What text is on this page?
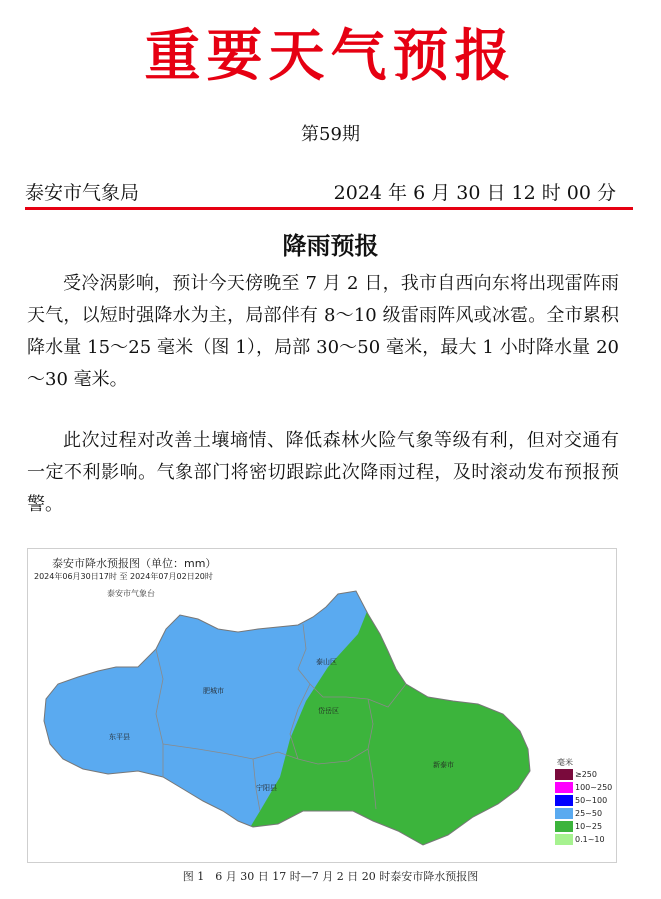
重要天气预报
第59期
泰安市气象局	2024 年 6 月 30 日 12 时 00 分
降雨预报

受冷涡影响，预计今天傍晚至 7 月 2 日，我市自西向东将出现雷阵雨天气，以短时强降水为主，局部伴有 8～10 级雷雨阵风或冰雹。全市累积降水量 15～25 毫米（图 1），局部 30～50 毫米，最大 1 小时降水量 20～30 毫米。

此次过程对改善土壤墒情、降低森林火险气象等级有利，但对交通有一定不利影响。气象部门将密切跟踪此次降雨过程，及时滚动发布预报预警。

泰安市降水预报图（单位：mm）
2024年06月30日17时 至 2024年07月02日20时
泰安市气象台
东平县
肥城市
泰山区
岱岳区
新泰市
宁阳县
毫米
≥250
100~250
50~100
25~50
10~25
0.1~10
图 1　6 月 30 日 17 时—7 月 2 日 20 时泰安市降水预报图
